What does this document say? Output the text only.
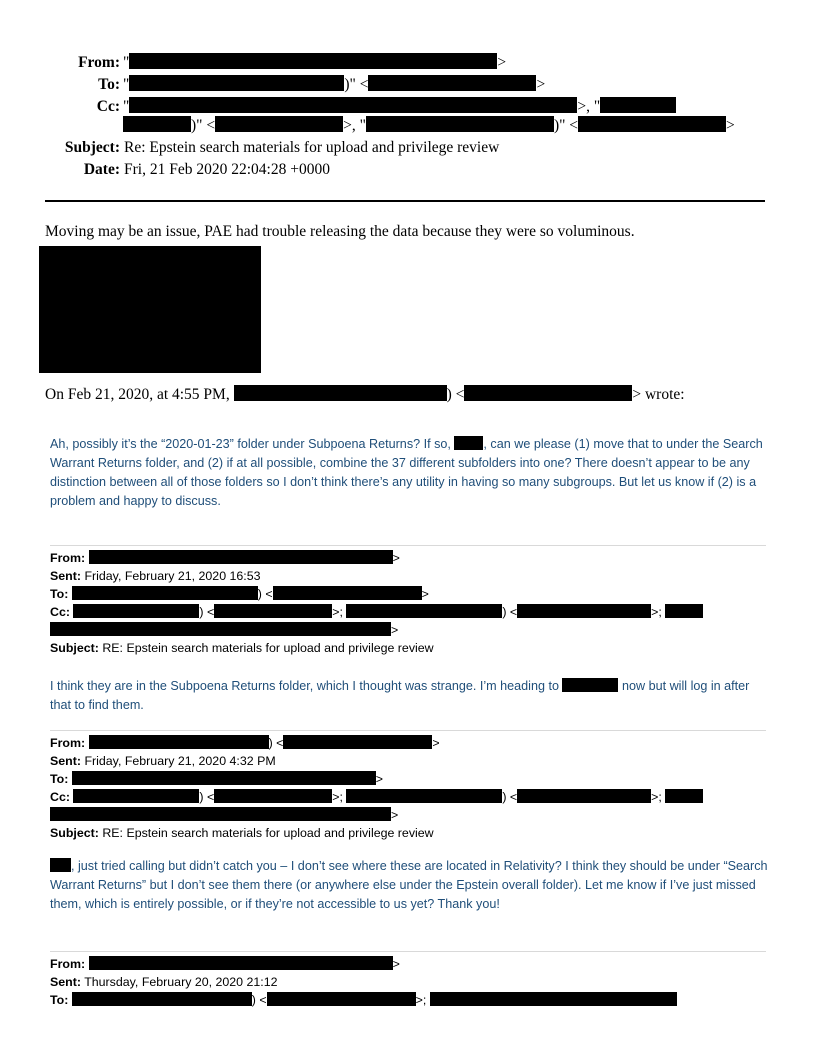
From: "	>
To: "	)" <	>
Cc: "	>, "
)" <	>, "	)" <	>
Subject: Re: Epstein search materials for upload and privilege review
Date: Fri, 21 Feb 2020 22:04:28 +0000
Moving may be an issue, PAE had trouble releasing the data because they were so voluminous.
On Feb 21, 2020, at 4:55 PM,	) <	> wrote:
Ah, possibly it’s the “2020-01-23” folder under Subpoena Returns? If so,	, can we please (1) move that to under the Search Warrant Returns folder, and (2) if at all possible, combine the 37 different subfolders into one? There doesn’t appear to be any distinction between all of those folders so I don’t think there’s any utility in having so many subgroups. But let us know if (2) is a problem and happy to discuss.
From:	>
Sent: Friday, February 21, 2020 16:53
To:	) <	>
Cc:	) <	>;	) <	>;
>
Subject: RE: Epstein search materials for upload and privilege review
I think they are in the Subpoena Returns folder, which I thought was strange. I’m heading to	now but will log in after that to find them.
From:	) <	>
Sent: Friday, February 21, 2020 4:32 PM
To:	>
Cc:	) <	>;	) <	>;
>
Subject: RE: Epstein search materials for upload and privilege review
, just tried calling but didn’t catch you – I don’t see where these are located in Relativity? I think they should be under “Search Warrant Returns” but I don’t see them there (or anywhere else under the Epstein overall folder). Let me know if I’ve just missed them, which is entirely possible, or if they’re not accessible to us yet? Thank you!
From:	>
Sent: Thursday, February 20, 2020 21:12
To:	) <	>;
